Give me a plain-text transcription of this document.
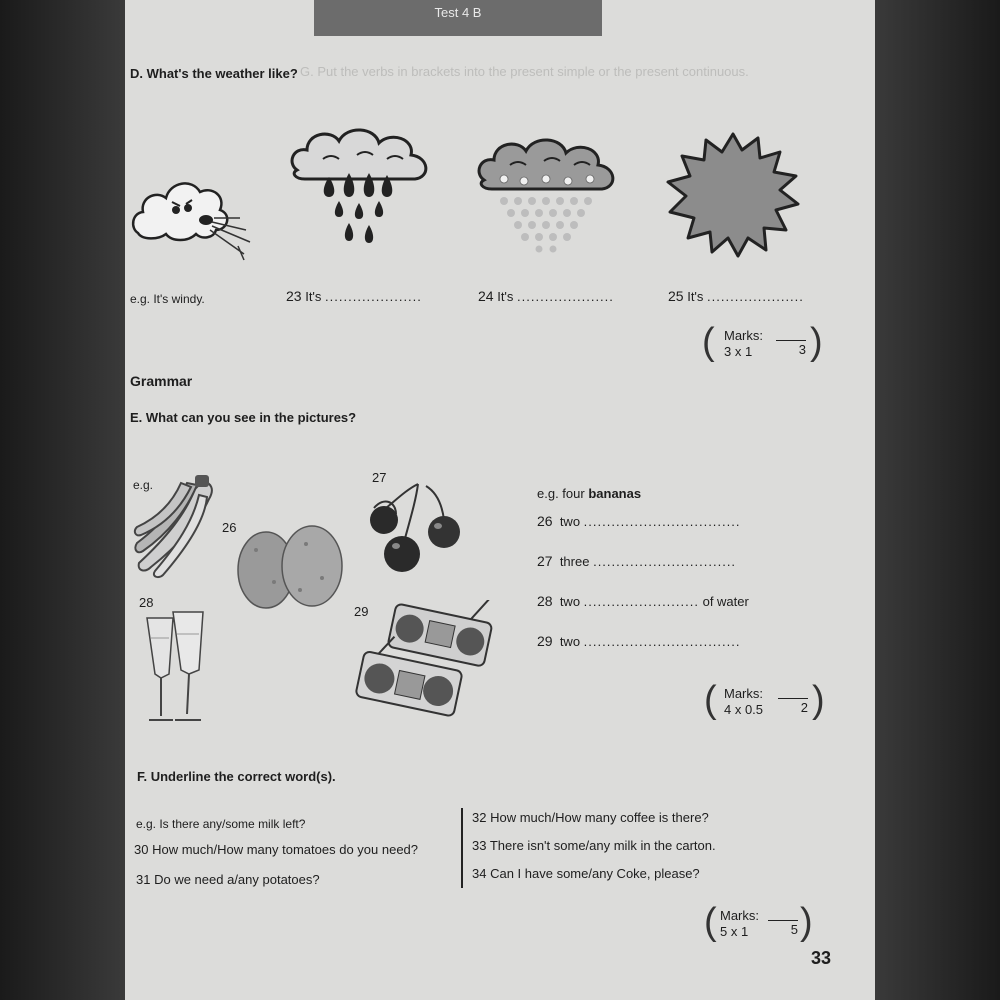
Test 4 B
G. Put the verbs in brackets into the present simple or the present continuous.
D. What's the weather like?
e.g. It's windy.	23 It's .....................	24 It's .....................	25 It's .....................
( Marks:
3 x 1	3 )
Grammar
E. What can you see in the pictures?
e.g.
26
27
28
29
e.g. four bananas
26 two ..................................
27 three ...............................
28 two ......................... of water
29 two ..................................
( Marks:
4 x 0.5	2 )
F. Underline the correct word(s).
e.g. Is there any/some milk left?
30 How much/How many tomatoes do you need?
31 Do we need a/any potatoes?
32 How much/How many coffee is there?
33 There isn't some/any milk in the carton.
34 Can I have some/any Coke, please?
( Marks:
5 x 1	5 )
33
